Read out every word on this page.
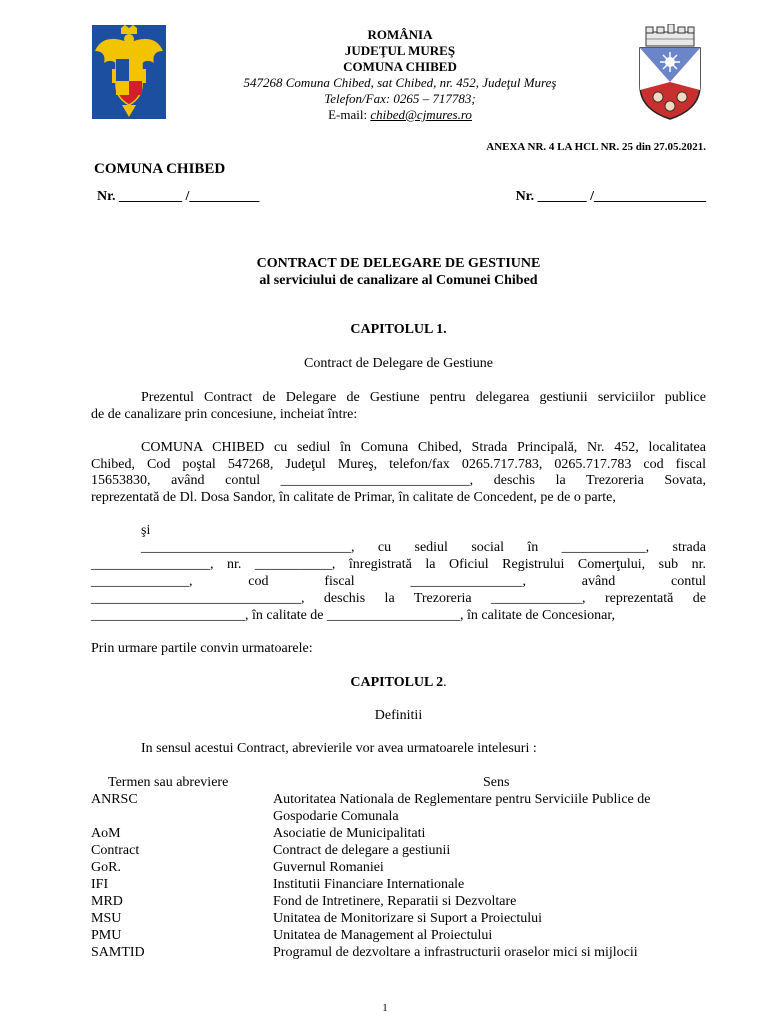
ROMÂNIA
JUDEŢUL MUREŞ
COMUNA CHIBED
547268 Comuna Chibed, sat Chibed, nr. 452, Judeţul Mureş
Telefon/Fax: 0265 – 717783;
E-mail: chibed@cjmures.ro
ANEXA NR. 4 LA HCL NR. 25 din 27.05.2021.
COMUNA CHIBED
Nr. _________ /__________	Nr. _______ /________________
CONTRACT DE DELEGARE DE GESTIUNE
al serviciului de canalizare al Comunei Chibed
CAPITOLUL 1.
Contract de Delegare de Gestiune
Prezentul Contract de Delegare de Gestiune pentru delegarea gestiunii serviciilor publice
de de canalizare prin concesiune, incheiat între:
COMUNA CHIBED cu sediul în Comuna Chibed, Strada Principală, Nr. 452, localitatea
Chibed, Cod poştal 547268, Judeţul Mureş, telefon/fax 0265.717.783, 0265.717.783 cod fiscal
15653830, având contul ___________________________, deschis la Trezoreria Sovata,
reprezentată de Dl. Dosa Sandor, în calitate de Primar, în calitate de Concedent, pe de o parte,
şi
______________________________, cu sediul social în ____________, strada
_________________, nr. ___________, înregistrată la Oficiul Registrului Comerţului, sub nr.
______________, cod fiscal ________________, având contul
______________________________, deschis la Trezoreria _____________, reprezentată de
______________________, în calitate de ___________________, în calitate de Concesionar,
Prin urmare partile convin urmatoarele:
CAPITOLUL 2.
Definitii
In sensul acestui Contract, abrevierile vor avea urmatoarele intelesuri :
Termen sau abreviere	Sens
ANRSC	Autoritatea Nationala de Reglementare pentru Serviciile Publice de Gospodarie Comunala
AoM	Asociatie de Municipalitati
Contract	Contract de delegare a gestiunii
GoR.	Guvernul Romaniei
IFI	Institutii Financiare Internationale
MRD	Fond de Intretinere, Reparatii si Dezvoltare
MSU	Unitatea de Monitorizare si Suport a Proiectului
PMU	Unitatea de Management al Proiectului
SAMTID	Programul de dezvoltare a infrastructurii oraselor mici si mijlocii
1
